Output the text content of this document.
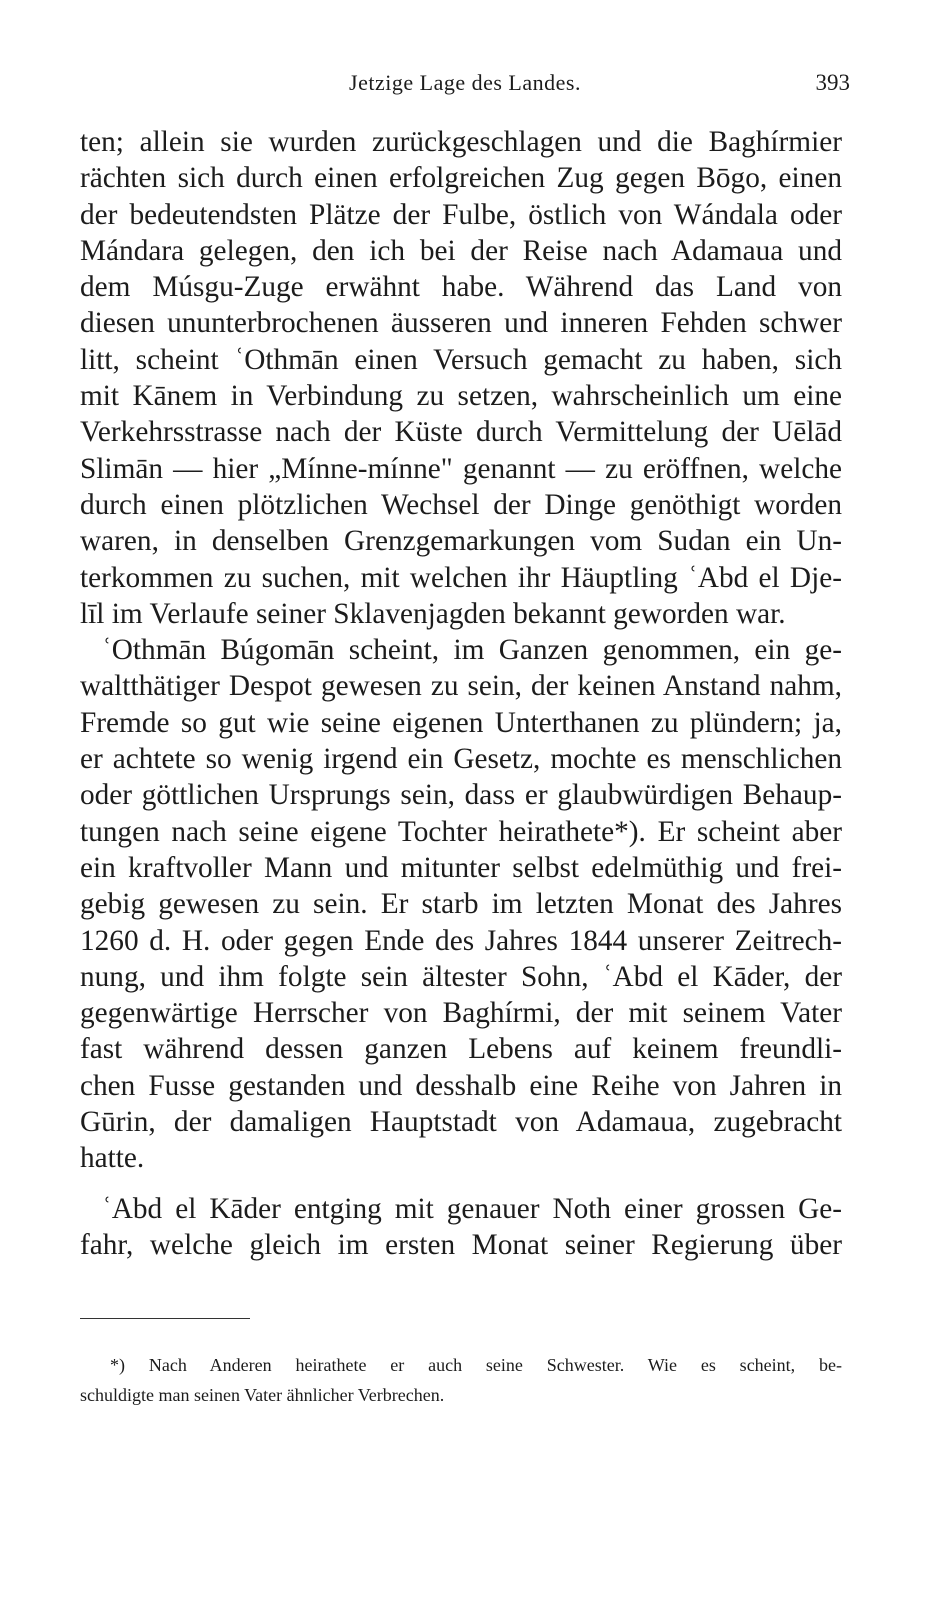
Jetzige Lage des Landes.	393
ten; allein sie wurden zurückgeschlagen und die Baghírmier
rächten sich durch einen erfolgreichen Zug gegen Bōgo, einen
der bedeutendsten Plätze der Fulbe, östlich von Wándala oder
Mándara gelegen, den ich bei der Reise nach Adamaua und
dem Músgu-Zuge erwähnt habe. Während das Land von
diesen ununterbrochenen äusseren und inneren Fehden schwer
litt, scheint ʿOthmān einen Versuch gemacht zu haben, sich
mit Kānem in Verbindung zu setzen, wahrscheinlich um eine
Verkehrsstrasse nach der Küste durch Vermittelung der Uēlād
Slimān — hier „Mínne-mínne" genannt — zu eröffnen, welche
durch einen plötzlichen Wechsel der Dinge genöthigt worden
waren, in denselben Grenzgemarkungen vom Sudan ein Un-
terkommen zu suchen, mit welchen ihr Häuptling ʿAbd el Dje-
līl im Verlaufe seiner Sklavenjagden bekannt geworden war.
ʿOthmān Búgomān scheint, im Ganzen genommen, ein ge-
waltthätiger Despot gewesen zu sein, der keinen Anstand nahm,
Fremde so gut wie seine eigenen Unterthanen zu plündern; ja,
er achtete so wenig irgend ein Gesetz, mochte es menschlichen
oder göttlichen Ursprungs sein, dass er glaubwürdigen Behaup-
tungen nach seine eigene Tochter heirathete*). Er scheint aber
ein kraftvoller Mann und mitunter selbst edelmüthig und frei-
gebig gewesen zu sein. Er starb im letzten Monat des Jahres
1260 d. H. oder gegen Ende des Jahres 1844 unserer Zeitrech-
nung, und ihm folgte sein ältester Sohn, ʿAbd el Kāder, der
gegenwärtige Herrscher von Baghírmi, der mit seinem Vater
fast während dessen ganzen Lebens auf keinem freundli-
chen Fusse gestanden und desshalb eine Reihe von Jahren in
Gūrin, der damaligen Hauptstadt von Adamaua, zugebracht
hatte.
ʿAbd el Kāder entging mit genauer Noth einer grossen Ge-
fahr, welche gleich im ersten Monat seiner Regierung über
*) Nach Anderen heirathete er auch seine Schwester. Wie es scheint, be-
schuldigte man seinen Vater ähnlicher Verbrechen.
